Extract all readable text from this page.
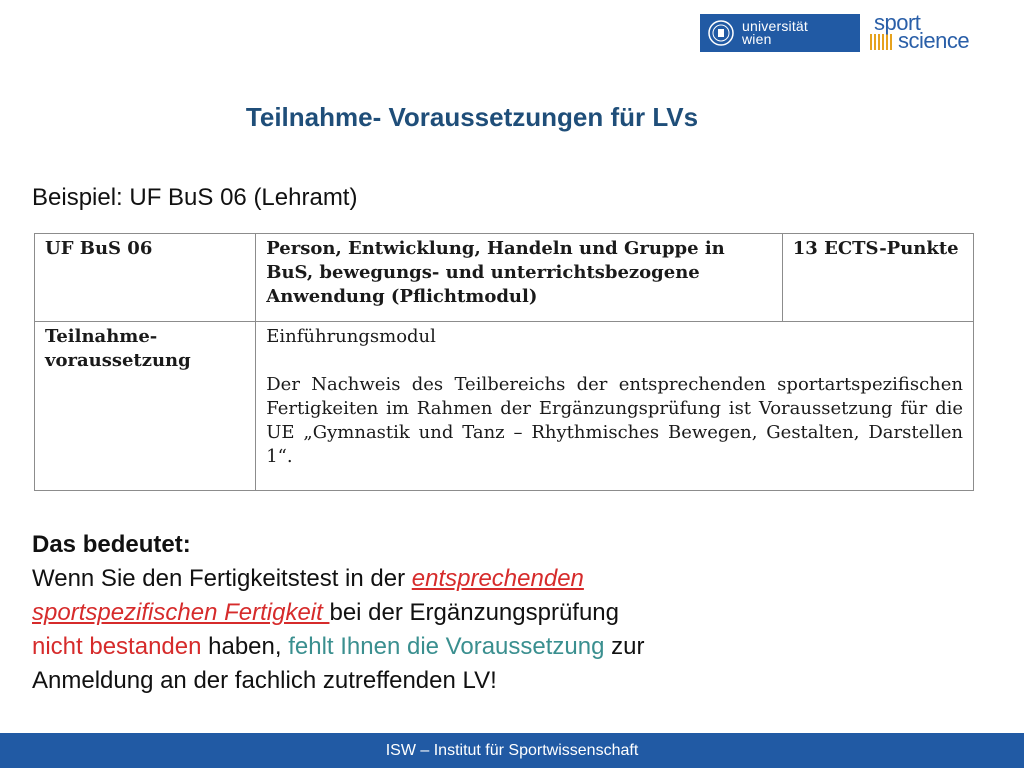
universität
wien
sport
science
Teilnahme- Voraussetzungen für LVs
Beispiel: UF BuS 06 (Lehramt)
UF BuS 06	Person, Entwicklung, Handeln und Gruppe in BuS, bewegungs- und unterrichtsbezogene Anwendung (Pflichtmodul)	13 ECTS-Punkte
Teilnahme-voraussetzung	Einführungsmodul

Der Nachweis des Teilbereichs der entsprechenden sportartspezifischen Fertigkeiten im Rahmen der Ergänzungsprüfung ist Voraussetzung für die UE „Gymnastik und Tanz – Rhythmisches Bewegen, Gestalten, Darstellen 1“.	

Das bedeutet:
Wenn Sie den Fertigkeitstest in der entsprechenden
sportspezifischen Fertigkeit bei der Ergänzungsprüfung
nicht bestanden haben, fehlt Ihnen die Voraussetzung zur
Anmeldung an der fachlich zutreffenden LV!
ISW – Institut für Sportwissenschaft
